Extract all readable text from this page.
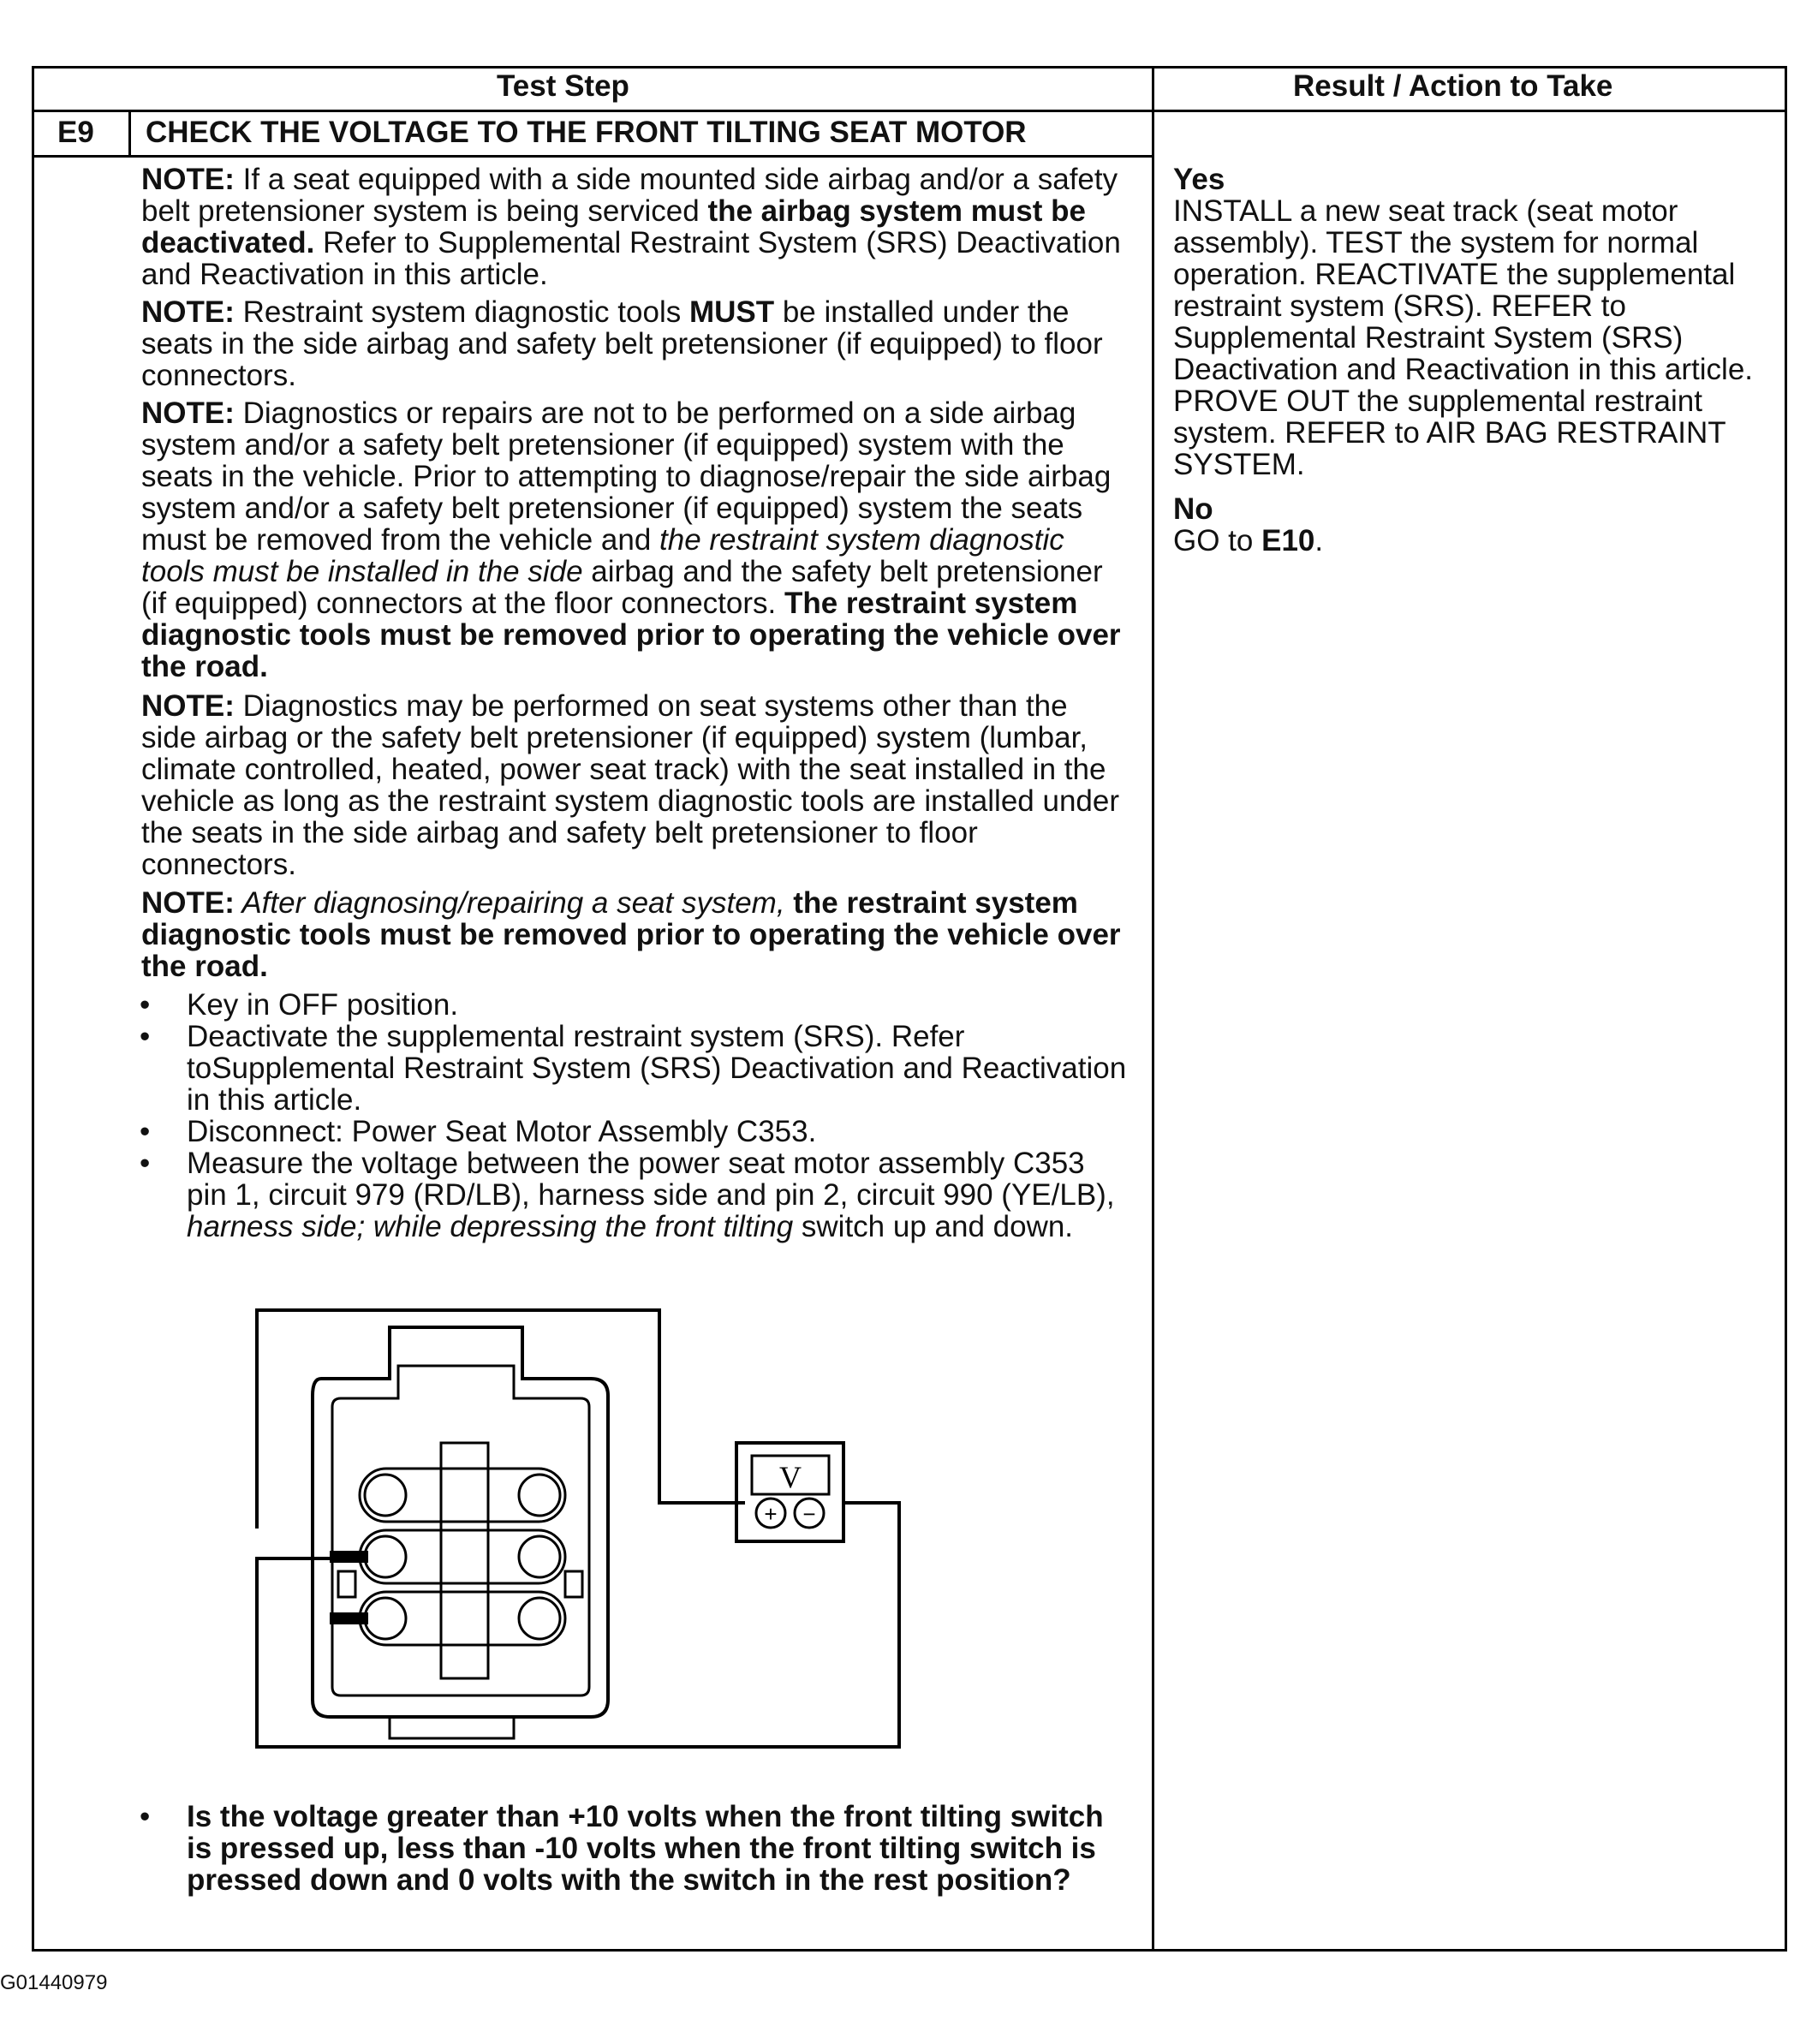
Test Step	Result / Action to Take
E9 CHECK THE VOLTAGE TO THE FRONT TILTING SEAT MOTOR

NOTE: If a seat equipped with a side mounted side airbag and/or a safety belt pretensioner system is being serviced the airbag system must be deactivated. Refer to Supplemental Restraint System (SRS) Deactivation and Reactivation in this article.

NOTE: Restraint system diagnostic tools MUST be installed under the seats in the side airbag and safety belt pretensioner (if equipped) to floor connectors.

NOTE: Diagnostics or repairs are not to be performed on a side airbag system and/or a safety belt pretensioner (if equipped) system with the seats in the vehicle. Prior to attempting to diagnose/repair the side airbag system and/or a safety belt pretensioner (if equipped) system the seats must be removed from the vehicle and the restraint system diagnostic tools must be installed in the side airbag and the safety belt pretensioner (if equipped) connectors at the floor connectors. The restraint system diagnostic tools must be removed prior to operating the vehicle over the road.

NOTE: Diagnostics may be performed on seat systems other than the side airbag or the safety belt pretensioner (if equipped) system (lumbar, climate controlled, heated, power seat track) with the seat installed in the vehicle as long as the restraint system diagnostic tools are installed under the seats in the side airbag and safety belt pretensioner to floor connectors.

NOTE: After diagnosing/repairing a seat system, the restraint system diagnostic tools must be removed prior to operating the vehicle over the road.

• Key in OFF position.

• Deactivate the supplemental restraint system (SRS). Refer toSupplemental Restraint System (SRS) Deactivation and Reactivation in this article.

• Disconnect: Power Seat Motor Assembly C353.

• Measure the voltage between the power seat motor assembly C353 pin 1, circuit 979 (RD/LB), harness side and pin 2, circuit 990 (YE/LB), harness side; while depressing the front tilting switch up and down.

V
+ −
• Is the voltage greater than +10 volts when the front tilting switch is pressed up, less than -10 volts when the front tilting switch is pressed down and 0 volts with the switch in the rest position?

Yes

INSTALL a new seat track (seat motor assembly). TEST the system for normal operation. REACTIVATE the supplemental restraint system (SRS). REFER to Supplemental Restraint System (SRS) Deactivation and Reactivation in this article. PROVE OUT the supplemental restraint system. REFER to AIR BAG RESTRAINT SYSTEM.

No

GO to E10.

G01440979
